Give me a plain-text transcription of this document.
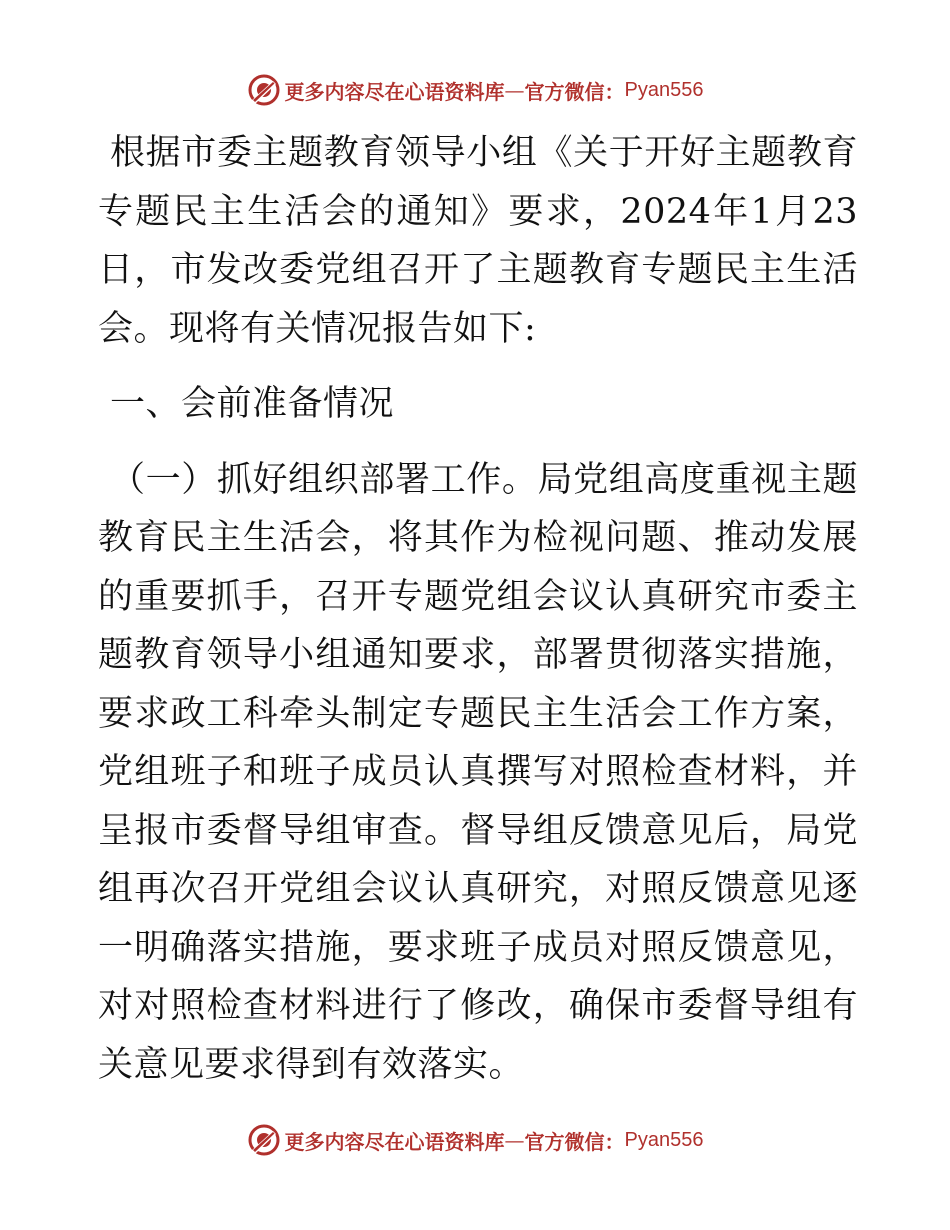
更多内容尽在心语资料库 — 官方微信： Pyan556

根据市委主题教育领导小组《关于开好主题教育专题民主生活会的通知》要求，2024年1月23日，市发改委党组召开了主题教育专题民主生活会。现将有关情况报告如下:

一、会前准备情况

（一）抓好组织部署工作。局党组高度重视主题教育民主生活会，将其作为检视问题、推动发展的重要抓手，召开专题党组会议认真研究市委主题教育领导小组通知要求，部署贯彻落实措施，要求政工科牵头制定专题民主生活会工作方案，党组班子和班子成员认真撰写对照检查材料，并呈报市委督导组审查。督导组反馈意见后，局党组再次召开党组会议认真研究，对照反馈意见逐一明确落实措施，要求班子成员对照反馈意见，对对照检查材料进行了修改，确保市委督导组有关意见要求得到有效落实。

更多内容尽在心语资料库 — 官方微信： Pyan556
